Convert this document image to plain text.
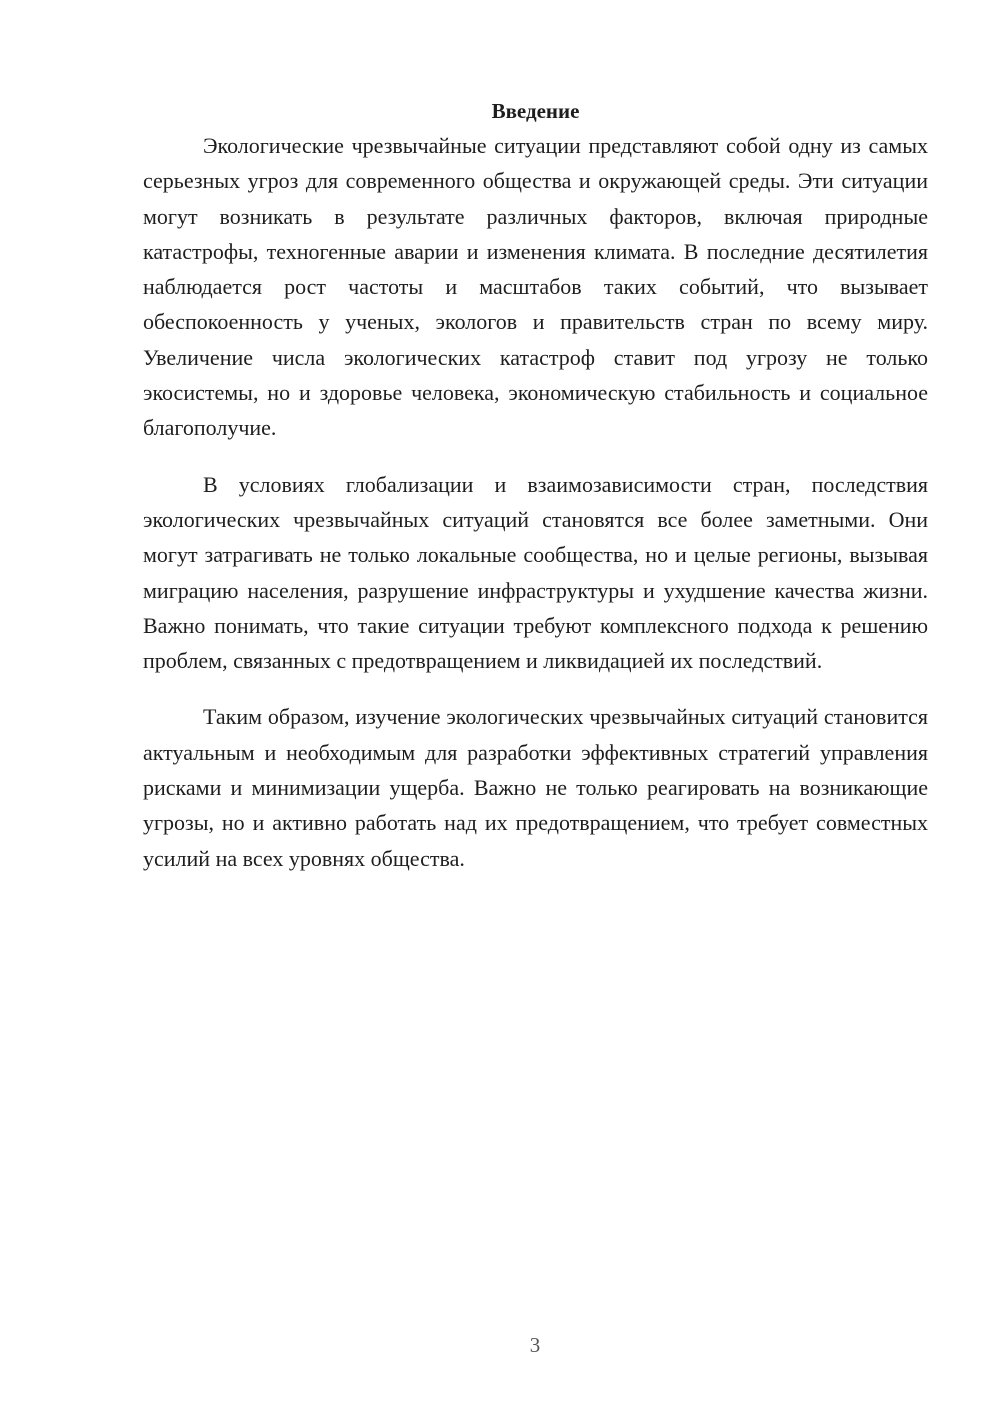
Введение

Экологические чрезвычайные ситуации представляют собой одну из самых серьезных угроз для современного общества и окружающей среды. Эти ситуации могут возникать в результате различных факторов, включая природные катастрофы, техногенные аварии и изменения климата. В последние десятилетия наблюдается рост частоты и масштабов таких событий, что вызывает обеспокоенность у ученых, экологов и правительств стран по всему миру. Увеличение числа экологических катастроф ставит под угрозу не только экосистемы, но и здоровье человека, экономическую стабильность и социальное благополучие.

В условиях глобализации и взаимозависимости стран, последствия экологических чрезвычайных ситуаций становятся все более заметными. Они могут затрагивать не только локальные сообщества, но и целые регионы, вызывая миграцию населения, разрушение инфраструктуры и ухудшение качества жизни. Важно понимать, что такие ситуации требуют комплексного подхода к решению проблем, связанных с предотвращением и ликвидацией их последствий.

Таким образом, изучение экологических чрезвычайных ситуаций становится актуальным и необходимым для разработки эффективных стратегий управления рисками и минимизации ущерба. Важно не только реагировать на возникающие угрозы, но и активно работать над их предотвращением, что требует совместных усилий на всех уровнях общества.

3
